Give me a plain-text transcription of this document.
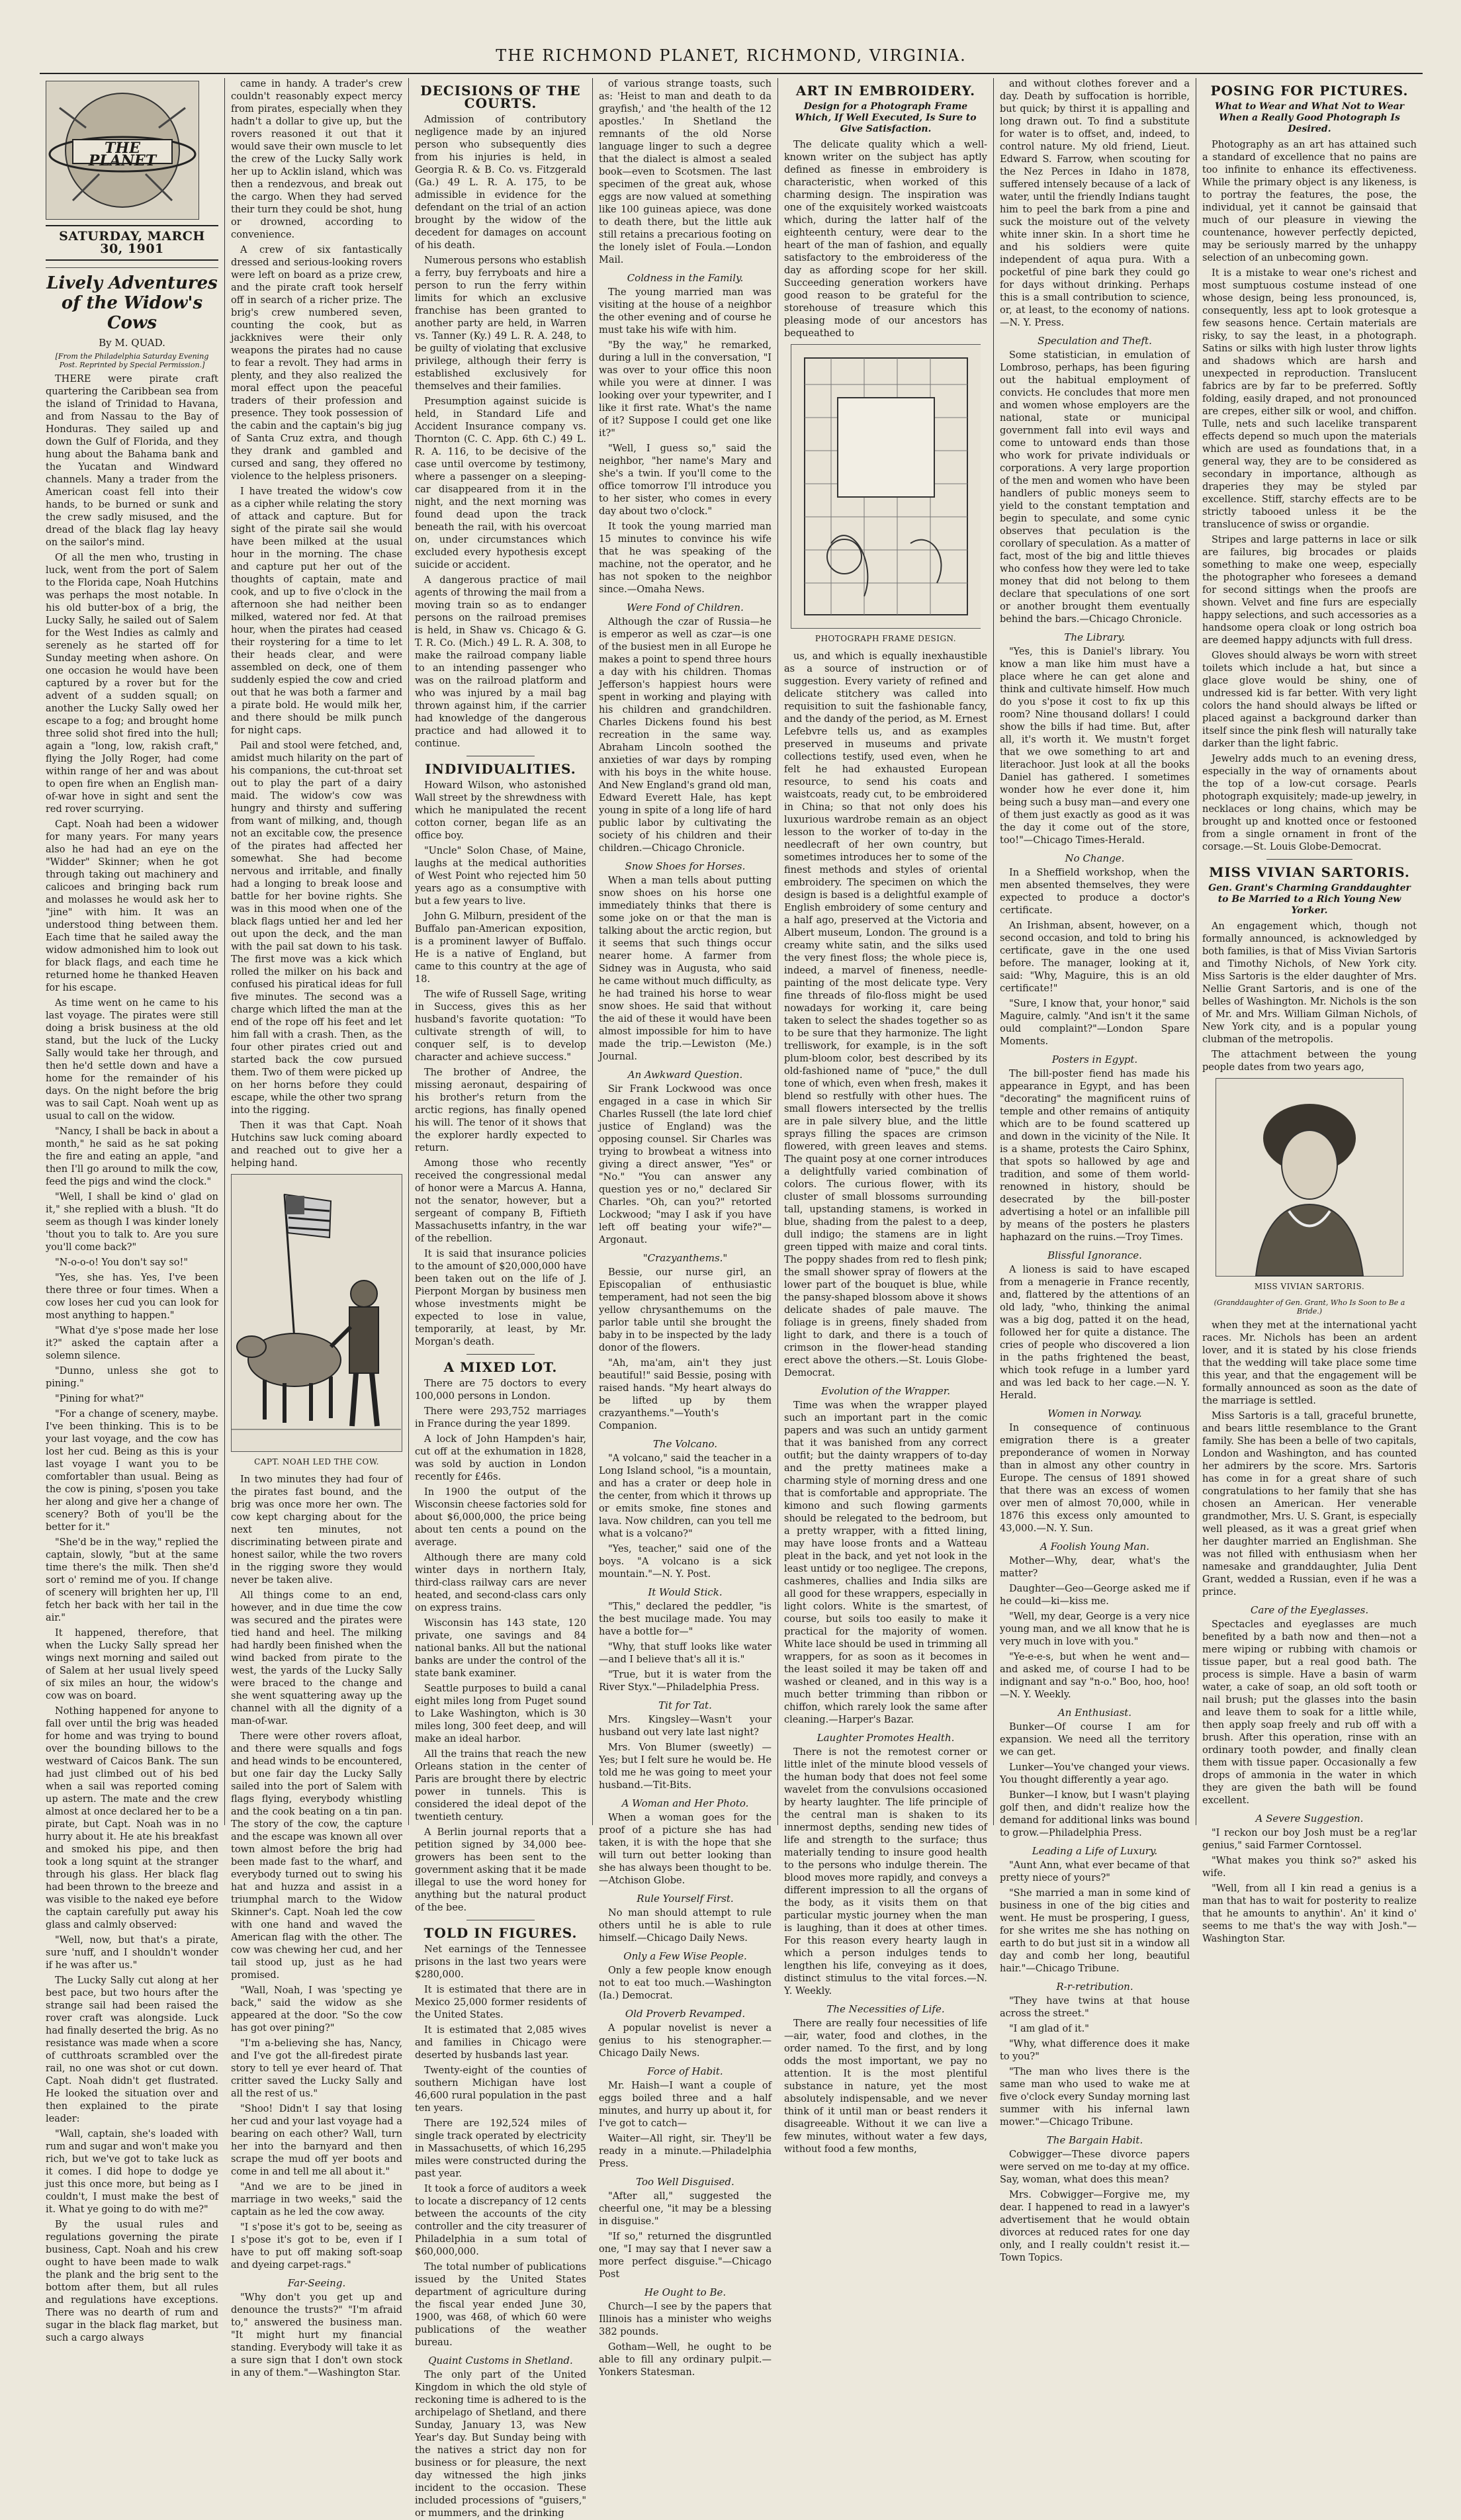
THE RICHMOND PLANET, RICHMOND, VIRGINIA.
THE PLANET
SATURDAY, MARCH 30, 1901
Lively Adventures of the Widow's Cows
By M. QUAD.
[From the Philadelphia Saturday Evening Post. Reprinted by Special Permission.]

THERE were pirate craft quartering the Caribbean sea from the island of Trinidad to Havana, and from Nassau to the Bay of Honduras. They sailed up and down the Gulf of Florida, and they hung about the Bahama bank and the Yucatan and Windward channels. Many a trader from the American coast fell into their hands, to be burned or sunk and the crew sadly misused, and the dread of the black flag lay heavy on the sailor's mind.

Of all the men who, trusting in luck, went from the port of Salem to the Florida cape, Noah Hutchins was perhaps the most notable. In his old butter-box of a brig, the Lucky Sally, he sailed out of Salem for the West Indies as calmly and serenely as he started off for Sunday meeting when ashore. On one occasion he would have been captured by a rover but for the advent of a sudden squall; on another the Lucky Sally owed her escape to a fog; and brought home three solid shot fired into the hull; again a "long, low, rakish craft," flying the Jolly Roger, had come within range of her and was about to open fire when an English man-of-war hove in sight and sent the red rover scurrying.

Capt. Noah had been a widower for many years. For many years also he had had an eye on the "Widder" Skinner; when he got through taking out machinery and calicoes and bringing back rum and molasses he would ask her to "jine" with him. It was an understood thing between them. Each time that he sailed away the widow admonished him to look out for black flags, and each time he returned home he thanked Heaven for his escape.

As time went on he came to his last voyage. The pirates were still doing a brisk business at the old stand, but the luck of the Lucky Sally would take her through, and then he'd settle down and have a home for the remainder of his days. On the night before the brig was to sail Capt. Noah went up as usual to call on the widow.

"Nancy, I shall be back in about a month," he said as he sat poking the fire and eating an apple, "and then I'll go around to milk the cow, feed the pigs and wind the clock."

"Well, I shall be kind o' glad on it," she replied with a blush. "It do seem as though I was kinder lonely 'thout you to talk to. Are you sure you'll come back?"

"N-o-o-o! You don't say so!"

"Yes, she has. Yes, I've been there three or four times. When a cow loses her cud you can look for most anything to happen."

"What d'ye s'pose made her lose it?" asked the captain after a solemn silence.

"Dunno, unless she got to pining."

"Pining for what?"

"For a change of scenery, maybe. I've been thinking. This is to be your last voyage, and the cow has lost her cud. Being as this is your last voyage I want you to be comfortabler than usual. Being as the cow is pining, s'posen you take her along and give her a change of scenery? Both of you'll be the better for it."

"She'd be in the way," replied the captain, slowly, "but at the same time there's the milk. Then she'd sort o' remind me of you. If change of scenery will brighten her up, I'll fetch her back with her tail in the air."

It happened, therefore, that when the Lucky Sally spread her wings next morning and sailed out of Salem at her usual lively speed of six miles an hour, the widow's cow was on board.

Nothing happened for anyone to fall over until the brig was headed for home and was trying to bound over the bounding billows to the westward of Caicos Bank. The sun had just climbed out of his bed when a sail was reported coming up astern. The mate and the crew almost at once declared her to be a pirate, but Capt. Noah was in no hurry about it. He ate his breakfast and smoked his pipe, and then took a long squint at the stranger through his glass. Her black flag had been thrown to the breeze and was visible to the naked eye before the captain carefully put away his glass and calmly observed:

"Well, now, but that's a pirate, sure 'nuff, and I shouldn't wonder if he was after us."

The Lucky Sally cut along at her best pace, but two hours after the strange sail had been raised the rover craft was alongside. Luck had finally deserted the brig. As no resistance was made when a score of cutthroats scrambled over the rail, no one was shot or cut down. Capt. Noah didn't get flustrated. He looked the situation over and then explained to the pirate leader:

"Wall, captain, she's loaded with rum and sugar and won't make you rich, but we've got to take luck as it comes. I did hope to dodge ye just this once more, but being as I couldn't, I must make the best of it. What ye going to do with me?"

By the usual rules and regulations governing the pirate business, Capt. Noah and his crew ought to have been made to walk the plank and the brig sent to the bottom after them, but all rules and regulations have exceptions. There was no dearth of rum and sugar in the black flag market, but such a cargo always

came in handy. A trader's crew couldn't reasonably expect mercy from pirates, especially when they hadn't a dollar to give up, but the rovers reasoned it out that it would save their own muscle to let the crew of the Lucky Sally work her up to Acklin island, which was then a rendezvous, and break out the cargo. When they had served their turn they could be shot, hung or drowned, according to convenience.

A crew of six fantastically dressed and serious-looking rovers were left on board as a prize crew, and the pirate craft took herself off in search of a richer prize. The brig's crew numbered seven, counting the cook, but as jackknives were their only weapons the pirates had no cause to fear a revolt. They had arms in plenty, and they also realized the moral effect upon the peaceful traders of their profession and presence. They took possession of the cabin and the captain's big jug of Santa Cruz extra, and though they drank and gambled and cursed and sang, they offered no violence to the helpless prisoners.

I have treated the widow's cow as a cipher while relating the story of attack and capture. But for sight of the pirate sail she would have been milked at the usual hour in the morning. The chase and capture put her out of the thoughts of captain, mate and cook, and up to five o'clock in the afternoon she had neither been milked, watered nor fed. At that hour, when the pirates had ceased their roystering for a time to let their heads clear, and were assembled on deck, one of them suddenly espied the cow and cried out that he was both a farmer and a pirate bold. He would milk her, and there should be milk punch for night caps.

Pail and stool were fetched, and, amidst much hilarity on the part of his companions, the cut-throat set out to play the part of a dairy maid. The widow's cow was hungry and thirsty and suffering from want of milking, and, though not an excitable cow, the presence of the pirates had affected her somewhat. She had become nervous and irritable, and finally had a longing to break loose and battle for her bovine rights. She was in this mood when one of the black flags untied her and led her out upon the deck, and the man with the pail sat down to his task. The first move was a kick which rolled the milker on his back and confused his piratical ideas for full five minutes. The second was a charge which lifted the man at the end of the rope off his feet and let him fall with a crash. Then, as the four other pirates cried out and started back the cow pursued them. Two of them were picked up on her horns before they could escape, while the other two sprang into the rigging.

Then it was that Capt. Noah Hutchins saw luck coming aboard and reached out to give her a helping hand.

CAPT. NOAH LED THE COW.

In two minutes they had four of the pirates fast bound, and the brig was once more her own. The cow kept charging about for the next ten minutes, not discriminating between pirate and honest sailor, while the two rovers in the rigging swore they would never be taken alive.

All things come to an end, however, and in due time the cow was secured and the pirates were tied hand and heel. The milking had hardly been finished when the wind backed from pirate to the west, the yards of the Lucky Sally were braced to the change and she went squattering away up the channel with all the dignity of a man-of-war.

There were other rovers afloat, and there were squalls and fogs and head winds to be encountered, but one fair day the Lucky Sally sailed into the port of Salem with flags flying, everybody whistling and the cook beating on a tin pan. The story of the cow, the capture and the escape was known all over town almost before the brig had been made fast to the wharf, and everybody turned out to swing his hat and huzza and assist in a triumphal march to the Widow Skinner's. Capt. Noah led the cow with one hand and waved the American flag with the other. The cow was chewing her cud, and her tail stood up, just as he had promised.

"Wall, Noah, I was 'specting ye back," said the widow as she appeared at the door. "So the cow has got over pining?"

"I'm a-believing she has, Nancy, and I've got the all-firedest pirate story to tell ye ever heard of. That critter saved the Lucky Sally and all the rest of us."

"Shoo! Didn't I say that losing her cud and your last voyage had a bearing on each other? Wall, turn her into the barnyard and then scrape the mud off yer boots and come in and tell me all about it."

"And we are to be jined in marriage in two weeks," said the captain as he led the cow away.

"I s'pose it's got to be, seeing as I s'pose it's got to be, even if I have to put off making soft-soap and dyeing carpet-rags."

Far-Seeing.

"Why don't you get up and denounce the trusts?" "I'm afraid to," answered the business man. "It might hurt my financial standing. Everybody will take it as a sure sign that I don't own stock in any of them."—Washington Star.

DECISIONS OF THE COURTS.

Admission of contributory negligence made by an injured person who subsequently dies from his injuries is held, in Georgia R. & B. Co. vs. Fitzgerald (Ga.) 49 L. R. A. 175, to be admissible in evidence for the defendant on the trial of an action brought by the widow of the decedent for damages on account of his death.

Numerous persons who establish a ferry, buy ferryboats and hire a person to run the ferry within limits for which an exclusive franchise has been granted to another party are held, in Warren vs. Tanner (Ky.) 49 L. R. A. 248, to be guilty of violating that exclusive privilege, although their ferry is established exclusively for themselves and their families.

Presumption against suicide is held, in Standard Life and Accident Insurance company vs. Thornton (C. C. App. 6th C.) 49 L. R. A. 116, to be decisive of the case until overcome by testimony, where a passenger on a sleeping-car disappeared from it in the night, and the next morning was found dead upon the track beneath the rail, with his overcoat on, under circumstances which excluded every hypothesis except suicide or accident.

A dangerous practice of mail agents of throwing the mail from a moving train so as to endanger persons on the railroad premises is held, in Shaw vs. Chicago & G. T. R. Co. (Mich.) 49 L. R. A. 308, to make the railroad company liable to an intending passenger who was on the railroad platform and who was injured by a mail bag thrown against him, if the carrier had knowledge of the dangerous practice and had allowed it to continue.

INDIVIDUALITIES.

Howard Wilson, who astonished Wall street by the shrewdness with which he manipulated the recent cotton corner, began life as an office boy.

"Uncle" Solon Chase, of Maine, laughs at the medical authorities of West Point who rejected him 50 years ago as a consumptive with but a few years to live.

John G. Milburn, president of the Buffalo pan-American exposition, is a prominent lawyer of Buffalo. He is a native of England, but came to this country at the age of 18.

The wife of Russell Sage, writing in Success, gives this as her husband's favorite quotation: "To cultivate strength of will, to conquer self, is to develop character and achieve success."

The brother of Andree, the missing aeronaut, despairing of his brother's return from the arctic regions, has finally opened his will. The tenor of it shows that the explorer hardly expected to return.

Among those who recently received the congressional medal of honor were a Marcus A. Hanna, not the senator, however, but a sergeant of company B, Fiftieth Massachusetts infantry, in the war of the rebellion.

It is said that insurance policies to the amount of $20,000,000 have been taken out on the life of J. Pierpont Morgan by business men whose investments might be expected to lose in value, temporarily, at least, by Mr. Morgan's death.

A MIXED LOT.

There are 75 doctors to every 100,000 persons in London.

There were 293,752 marriages in France during the year 1899.

A lock of John Hampden's hair, cut off at the exhumation in 1828, was sold by auction in London recently for £46s.

In 1900 the output of the Wisconsin cheese factories sold for about $6,000,000, the price being about ten cents a pound on the average.

Although there are many cold winter days in northern Italy, third-class railway cars are never heated, and second-class cars only on express trains.

Wisconsin has 143 state, 120 private, one savings and 84 national banks. All but the national banks are under the control of the state bank examiner.

Seattle purposes to build a canal eight miles long from Puget sound to Lake Washington, which is 30 miles long, 300 feet deep, and will make an ideal harbor.

All the trains that reach the new Orleans station in the center of Paris are brought there by electric power in tunnels. This is considered the ideal depot of the twentieth century.

A Berlin journal reports that a petition signed by 34,000 bee-growers has been sent to the government asking that it be made illegal to use the word honey for anything but the natural product of the bee.

TOLD IN FIGURES.

Net earnings of the Tennessee prisons in the last two years were $280,000.

It is estimated that there are in Mexico 25,000 former residents of the United States.

It is estimated that 2,085 wives and families in Chicago were deserted by husbands last year.

Twenty-eight of the counties of southern Michigan have lost 46,600 rural population in the past ten years.

There are 192,524 miles of single track operated by electricity in Massachusetts, of which 16,295 miles were constructed during the past year.

It took a force of auditors a week to locate a discrepancy of 12 cents between the accounts of the city controller and the city treasurer of Philadelphia in a sum total of $60,000,000.

The total number of publications issued by the United States department of agriculture during the fiscal year ended June 30, 1900, was 468, of which 60 were publications of the weather bureau.

Quaint Customs in Shetland.

The only part of the United Kingdom in which the old style of reckoning time is adhered to is the archipelago of Shetland, and there Sunday, January 13, was New Year's day. But Sunday being with the natives a strict day non for business or for pleasure, the next day witnessed the high jinks incident to the occasion. These included processions of "guisers," or mummers, and the drinking

of various strange toasts, such as: 'Heist to man and death to da grayfish,' and 'the health of the 12 apostles.' In Shetland the remnants of the old Norse language linger to such a degree that the dialect is almost a sealed book—even to Scotsmen. The last specimen of the great auk, whose eggs are now valued at something like 100 guineas apiece, was done to death there, but the little auk still retains a precarious footing on the lonely islet of Foula.—London Mail.

Coldness in the Family.

The young married man was visiting at the house of a neighbor the other evening and of course he must take his wife with him.

"By the way," he remarked, during a lull in the conversation, "I was over to your office this noon while you were at dinner. I was looking over your typewriter, and I like it first rate. What's the name of it? Suppose I could get one like it?"

"Well, I guess so," said the neighbor, "her name's Mary and she's a twin. If you'll come to the office tomorrow I'll introduce you to her sister, who comes in every day about two o'clock."

It took the young married man 15 minutes to convince his wife that he was speaking of the machine, not the operator, and he has not spoken to the neighbor since.—Omaha News.

Were Fond of Children.

Although the czar of Russia—he is emperor as well as czar—is one of the busiest men in all Europe he makes a point to spend three hours a day with his children. Thomas Jefferson's happiest hours were spent in working and playing with his children and grandchildren. Charles Dickens found his best recreation in the same way. Abraham Lincoln soothed the anxieties of war days by romping with his boys in the white house. And New England's grand old man, Edward Everett Hale, has kept young in spite of a long life of hard public labor by cultivating the society of his children and their children.—Chicago Chronicle.

Snow Shoes for Horses.

When a man tells about putting snow shoes on his horse one immediately thinks that there is some joke on or that the man is talking about the arctic region, but it seems that such things occur nearer home. A farmer from Sidney was in Augusta, who said he came without much difficulty, as he had trained his horse to wear snow shoes. He said that without the aid of these it would have been almost impossible for him to have made the trip.—Lewiston (Me.) Journal.

An Awkward Question.

Sir Frank Lockwood was once engaged in a case in which Sir Charles Russell (the late lord chief justice of England) was the opposing counsel. Sir Charles was trying to browbeat a witness into giving a direct answer, "Yes" or "No." "You can answer any question yes or no," declared Sir Charles. "Oh, can you?" retorted Lockwood; "may I ask if you have left off beating your wife?"—Argonaut.

"Crazyanthems."

Bessie, our nurse girl, an Episcopalian of enthusiastic temperament, had not seen the big yellow chrysanthemums on the parlor table until she brought the baby in to be inspected by the lady donor of the flowers.

"Ah, ma'am, ain't they just beautiful!" said Bessie, posing with raised hands. "My heart always do be lifted up by them crazyanthems."—Youth's Companion.

The Volcano.

"A volcano," said the teacher in a Long Island school, "is a mountain, and has a crater or deep hole in the center, from which it throws up or emits smoke, fine stones and lava. Now children, can you tell me what is a volcano?"

"Yes, teacher," said one of the boys. "A volcano is a sick mountain."—N. Y. Post.

It Would Stick.

"This," declared the peddler, "is the best mucilage made. You may have a bottle for—"

"Why, that stuff looks like water—and I believe that's all it is."

"True, but it is water from the River Styx."—Philadelphia Press.

Tit for Tat.

Mrs. Kingsley—Wasn't your husband out very late last night?

Mrs. Von Blumer (sweetly) — Yes; but I felt sure he would be. He told me he was going to meet your husband.—Tit-Bits.

A Woman and Her Photo.

When a woman goes for the proof of a picture she has had taken, it is with the hope that she will turn out better looking than she has always been thought to be.—Atchison Globe.

Rule Yourself First.

No man should attempt to rule others until he is able to rule himself.—Chicago Daily News.

Only a Few Wise People.

Only a few people know enough not to eat too much.—Washington (Ia.) Democrat.

Old Proverb Revamped.

A popular novelist is never a genius to his stenographer.—Chicago Daily News.

Force of Habit.

Mr. Haish—I want a couple of eggs boiled three and a half minutes, and hurry up about it, for I've got to catch—

Waiter—All right, sir. They'll be ready in a minute.—Philadelphia Press.

Too Well Disguised.

"After all," suggested the cheerful one, "it may be a blessing in disguise."

"If so," returned the disgruntled one, "I may say that I never saw a more perfect disguise."—Chicago Post

He Ought to Be.

Church—I see by the papers that Illinois has a minister who weighs 382 pounds.

Gotham—Well, he ought to be able to fill any ordinary pulpit.—Yonkers Statesman.

ART IN EMBROIDERY.
Design for a Photograph Frame Which, If Well Executed, Is Sure to Give Satisfaction.

The delicate quality which a well-known writer on the subject has aptly defined as finesse in embroidery is characteristic, when worked of this charming design. The inspiration was one of the exquisitely worked waistcoats which, during the latter half of the eighteenth century, were dear to the heart of the man of fashion, and equally satisfactory to the embroideress of the day as affording scope for her skill. Succeeding generation workers have good reason to be grateful for the storehouse of treasure which this pleasing mode of our ancestors has bequeathed to

PHOTOGRAPH FRAME DESIGN.

us, and which is equally inexhaustible as a source of instruction or of suggestion. Every variety of refined and delicate stitchery was called into requisition to suit the fashionable fancy, and the dandy of the period, as M. Ernest Lefebvre tells us, and as examples preserved in museums and private collections testify, used even, when he felt he had exhausted European resource, to send his coats and waistcoats, ready cut, to be embroidered in China; so that not only does his luxurious wardrobe remain as an object lesson to the worker of to-day in the needlecraft of her own country, but sometimes introduces her to some of the finest methods and styles of oriental embroidery. The specimen on which the design is based is a delightful example of English embroidery of some century and a half ago, preserved at the Victoria and Albert museum, London. The ground is a creamy white satin, and the silks used the very finest floss; the whole piece is, indeed, a marvel of fineness, needle-painting of the most delicate type. Very fine threads of filo-floss might be used nowadays for working it, care being taken to select the shades together so as to be sure that they harmonize. The light trelliswork, for example, is in the soft plum-bloom color, best described by its old-fashioned name of "puce," the dull tone of which, even when fresh, makes it blend so restfully with other hues. The small flowers intersected by the trellis are in pale silvery blue, and the little sprays filling the spaces are crimson flowered, with green leaves and stems. The quaint posy at one corner introduces a delightfully varied combination of colors. The curious flower, with its cluster of small blossoms surrounding tall, upstanding stamens, is worked in blue, shading from the palest to a deep, dull indigo; the stamens are in light green tipped with maize and coral tints. The poppy shades from red to flesh pink; the small shower spray of flowers at the lower part of the bouquet is blue, while the pansy-shaped blossom above it shows delicate shades of pale mauve. The foliage is in greens, finely shaded from light to dark, and there is a touch of crimson in the flower-head standing erect above the others.—St. Louis Globe-Democrat.

Evolution of the Wrapper.

Time was when the wrapper played such an important part in the comic papers and was such an untidy garment that it was banished from any correct outfit; but the dainty wrappers of to-day and the pretty matinees make a charming style of morning dress and one that is comfortable and appropriate. The kimono and such flowing garments should be relegated to the bedroom, but a pretty wrapper, with a fitted lining, may have loose fronts and a Watteau pleat in the back, and yet not look in the least untidy or too negligee. The crepons, cashmeres, challies and India silks are all good for these wrappers, especially in light colors. White is the smartest, of course, but soils too easily to make it practical for the majority of women. White lace should be used in trimming all wrappers, for as soon as it becomes in the least soiled it may be taken off and washed or cleaned, and in this way is a much better trimming than ribbon or chiffon, which rarely look the same after cleaning.—Harper's Bazar.

Laughter Promotes Health.

There is not the remotest corner or little inlet of the minute blood vessels of the human body that does not feel some wavelet from the convulsions occasioned by hearty laughter. The life principle of the central man is shaken to its innermost depths, sending new tides of life and strength to the surface; thus materially tending to insure good health to the persons who indulge therein. The blood moves more rapidly, and conveys a different impression to all the organs of the body, as it visits them on that particular mystic journey when the man is laughing, than it does at other times. For this reason every hearty laugh in which a person indulges tends to lengthen his life, conveying as it does, distinct stimulus to the vital forces.—N. Y. Weekly.

The Necessities of Life.

There are really four necessities of life—air, water, food and clothes, in the order named. To the first, and by long odds the most important, we pay no attention. It is the most plentiful substance in nature, yet the most absolutely indispensable, and we never think of it until man or beast renders it disagreeable. Without it we can live a few minutes, without water a few days, without food a few months,

and without clothes forever and a day. Death by suffocation is horrible, but quick; by thirst it is appalling and long drawn out. To find a substitute for water is to offset, and, indeed, to control nature. My old friend, Lieut. Edward S. Farrow, when scouting for the Nez Perces in Idaho in 1878, suffered intensely because of a lack of water, until the friendly Indians taught him to peel the bark from a pine and suck the moisture out of the velvety white inner skin. In a short time he and his soldiers were quite independent of aqua pura. With a pocketful of pine bark they could go for days without drinking. Perhaps this is a small contribution to science, or, at least, to the economy of nations.—N. Y. Press.

Speculation and Theft.

Some statistician, in emulation of Lombroso, perhaps, has been figuring out the habitual employment of convicts. He concludes that more men and women whose employers are the national, state or municipal government fall into evil ways and come to untoward ends than those who work for private individuals or corporations. A very large proportion of the men and women who have been handlers of public moneys seem to yield to the constant temptation and begin to speculate, and some cynic observes that peculation is the corollary of speculation. As a matter of fact, most of the big and little thieves who confess how they were led to take money that did not belong to them declare that speculations of one sort or another brought them eventually behind the bars.—Chicago Chronicle.

The Library.

"Yes, this is Daniel's library. You know a man like him must have a place where he can get alone and think and cultivate himself. How much do you s'pose it cost to fix up this room? Nine thousand dollars! I could show the bills if had time. But, after all, it's worth it. We mustn't forget that we owe something to art and literachoor. Just look at all the books Daniel has gathered. I sometimes wonder how he ever done it, him being such a busy man—and every one of them just exactly as good as it was the day it come out of the store, too!"—Chicago Times-Herald.

No Change.

In a Sheffield workshop, when the men absented themselves, they were expected to produce a doctor's certificate.

An Irishman, absent, however, on a second occasion, and told to bring his certificate, gave in the one used before. The manager, looking at it, said: "Why, Maguire, this is an old certificate!"

"Sure, I know that, your honor," said Maguire, calmly. "And isn't it the same ould complaint?"—London Spare Moments.

Posters in Egypt.

The bill-poster fiend has made his appearance in Egypt, and has been "decorating" the magnificent ruins of temple and other remains of antiquity which are to be found scattered up and down in the vicinity of the Nile. It is a shame, protests the Cairo Sphinx, that spots so hallowed by age and tradition, and some of them world-renowned in history, should be desecrated by the bill-poster advertising a hotel or an infallible pill by means of the posters he plasters haphazard on the ruins.—Troy Times.

Blissful Ignorance.

A lioness is said to have escaped from a menagerie in France recently, and, flattered by the attentions of an old lady, "who, thinking the animal was a big dog, patted it on the head, followed her for quite a distance. The cries of people who discovered a lion in the paths frightened the beast, which took refuge in a lumber yard and was led back to her cage.—N. Y. Herald.

Women in Norway.

In consequence of continuous emigration there is a greater preponderance of women in Norway than in almost any other country in Europe. The census of 1891 showed that there was an excess of women over men of almost 70,000, while in 1876 this excess only amounted to 43,000.—N. Y. Sun.

A Foolish Young Man.

Mother—Why, dear, what's the matter?

Daughter—Geo—George asked me if he could—ki—kiss me.

"Well, my dear, George is a very nice young man, and we all know that he is very much in love with you."

"Ye-e-e-s, but when he went and—and asked me, of course I had to be indignant and say "n-o." Boo, hoo, hoo!—N. Y. Weekly.

An Enthusiast.

Bunker—Of course I am for expansion. We need all the territory we can get.

Lunker—You've changed your views. You thought differently a year ago.

Bunker—I know, but I wasn't playing golf then, and didn't realize how the demand for additional links was bound to grow.—Philadelphia Press.

Leading a Life of Luxury.

"Aunt Ann, what ever became of that pretty niece of yours?"

"She married a man in some kind of business in one of the big cities and went. He must be prospering, I guess, for she writes me she has nothing on earth to do but just sit in a window all day and comb her long, beautiful hair."—Chicago Tribune.

R-r-retribution.

"They have twins at that house across the street."

"I am glad of it."

"Why, what difference does it make to you?"

"The man who lives there is the same man who used to wake me at five o'clock every Sunday morning last summer with his infernal lawn mower."—Chicago Tribune.

The Bargain Habit.

Cobwigger—These divorce papers were served on me to-day at my office. Say, woman, what does this mean?

Mrs. Cobwigger—Forgive me, my dear. I happened to read in a lawyer's advertisement that he would obtain divorces at reduced rates for one day only, and I really couldn't resist it.—Town Topics.

POSING FOR PICTURES.
What to Wear and What Not to Wear When a Really Good Photograph Is Desired.

Photography as an art has attained such a standard of excellence that no pains are too infinite to enhance its effectiveness. While the primary object is any likeness, is to portray the features, the pose, the individual, yet it cannot be gainsaid that much of our pleasure in viewing the countenance, however perfectly depicted, may be seriously marred by the unhappy selection of an unbecoming gown.

It is a mistake to wear one's richest and most sumptuous costume instead of one whose design, being less pronounced, is, consequently, less apt to look grotesque a few seasons hence. Certain materials are risky, to say the least, in a photograph. Satins or silks with high luster throw lights and shadows which are harsh and unexpected in reproduction. Translucent fabrics are by far to be preferred. Softly folding, easily draped, and not pronounced are crepes, either silk or wool, and chiffon. Tulle, nets and such lacelike transparent effects depend so much upon the materials which are used as foundations that, in a general way, they are to be considered as secondary in importance, although as draperies they may be styled par excellence. Stiff, starchy effects are to be strictly tabooed unless it be the translucence of swiss or organdie.

Stripes and large patterns in lace or silk are failures, big brocades or plaids something to make one weep, especially the photographer who foresees a demand for second sittings when the proofs are shown. Velvet and fine furs are especially happy selections, and such accessories as a handsome opera cloak or long ostrich boa are deemed happy adjuncts with full dress.

Gloves should always be worn with street toilets which include a hat, but since a glace glove would be shiny, one of undressed kid is far better. With very light colors the hand should always be lifted or placed against a background darker than itself since the pink flesh will naturally take darker than the light fabric.

Jewelry adds much to an evening dress, especially in the way of ornaments about the top of a low-cut corsage. Pearls photograph exquisitely; made-up jewelry, in necklaces or long chains, which may be brought up and knotted once or festooned from a single ornament in front of the corsage.—St. Louis Globe-Democrat.

MISS VIVIAN SARTORIS.
Gen. Grant's Charming Granddaughter to Be Married to a Rich Young New Yorker.

An engagement which, though not formally announced, is acknowledged by both families, is that of Miss Vivian Sartoris and Timothy Nichols, of New York city. Miss Sartoris is the elder daughter of Mrs. Nellie Grant Sartoris, and is one of the belles of Washington. Mr. Nichols is the son of Mr. and Mrs. William Gilman Nichols, of New York city, and is a popular young clubman of the metropolis.

The attachment between the young people dates from two years ago,

MISS VIVIAN SARTORIS.
(Granddaughter of Gen. Grant, Who Is Soon to Be a Bride.)

when they met at the international yacht races. Mr. Nichols has been an ardent lover, and it is stated by his close friends that the wedding will take place some time this year, and that the engagement will be formally announced as soon as the date of the marriage is settled.

Miss Sartoris is a tall, graceful brunette, and bears little resemblance to the Grant family. She has been a belle of two capitals, London and Washington, and has counted her admirers by the score. Mrs. Sartoris has come in for a great share of such congratulations to her family that she has chosen an American. Her venerable grandmother, Mrs. U. S. Grant, is especially well pleased, as it was a great grief when her daughter married an Englishman. She was not filled with enthusiasm when her namesake and granddaughter, Julia Dent Grant, wedded a Russian, even if he was a prince.

Care of the Eyeglasses.

Spectacles and eyeglasses are much benefited by a bath now and then—not a mere wiping or rubbing with chamois or tissue paper, but a real good bath. The process is simple. Have a basin of warm water, a cake of soap, an old soft tooth or nail brush; put the glasses into the basin and leave them to soak for a little while, then apply soap freely and rub off with a brush. After this operation, rinse with an ordinary tooth powder, and finally clean them with tissue paper. Occasionally a few drops of ammonia in the water in which they are given the bath will be found excellent.

A Severe Suggestion.

"I reckon our boy Josh must be a reg'lar genius," said Farmer Corntossel.

"What makes you think so?" asked his wife.

"Well, from all I kin read a genius is a man that has to wait for posterity to realize that he amounts to anythin'. An' it kind o' seems to me that's the way with Josh."—Washington Star.
